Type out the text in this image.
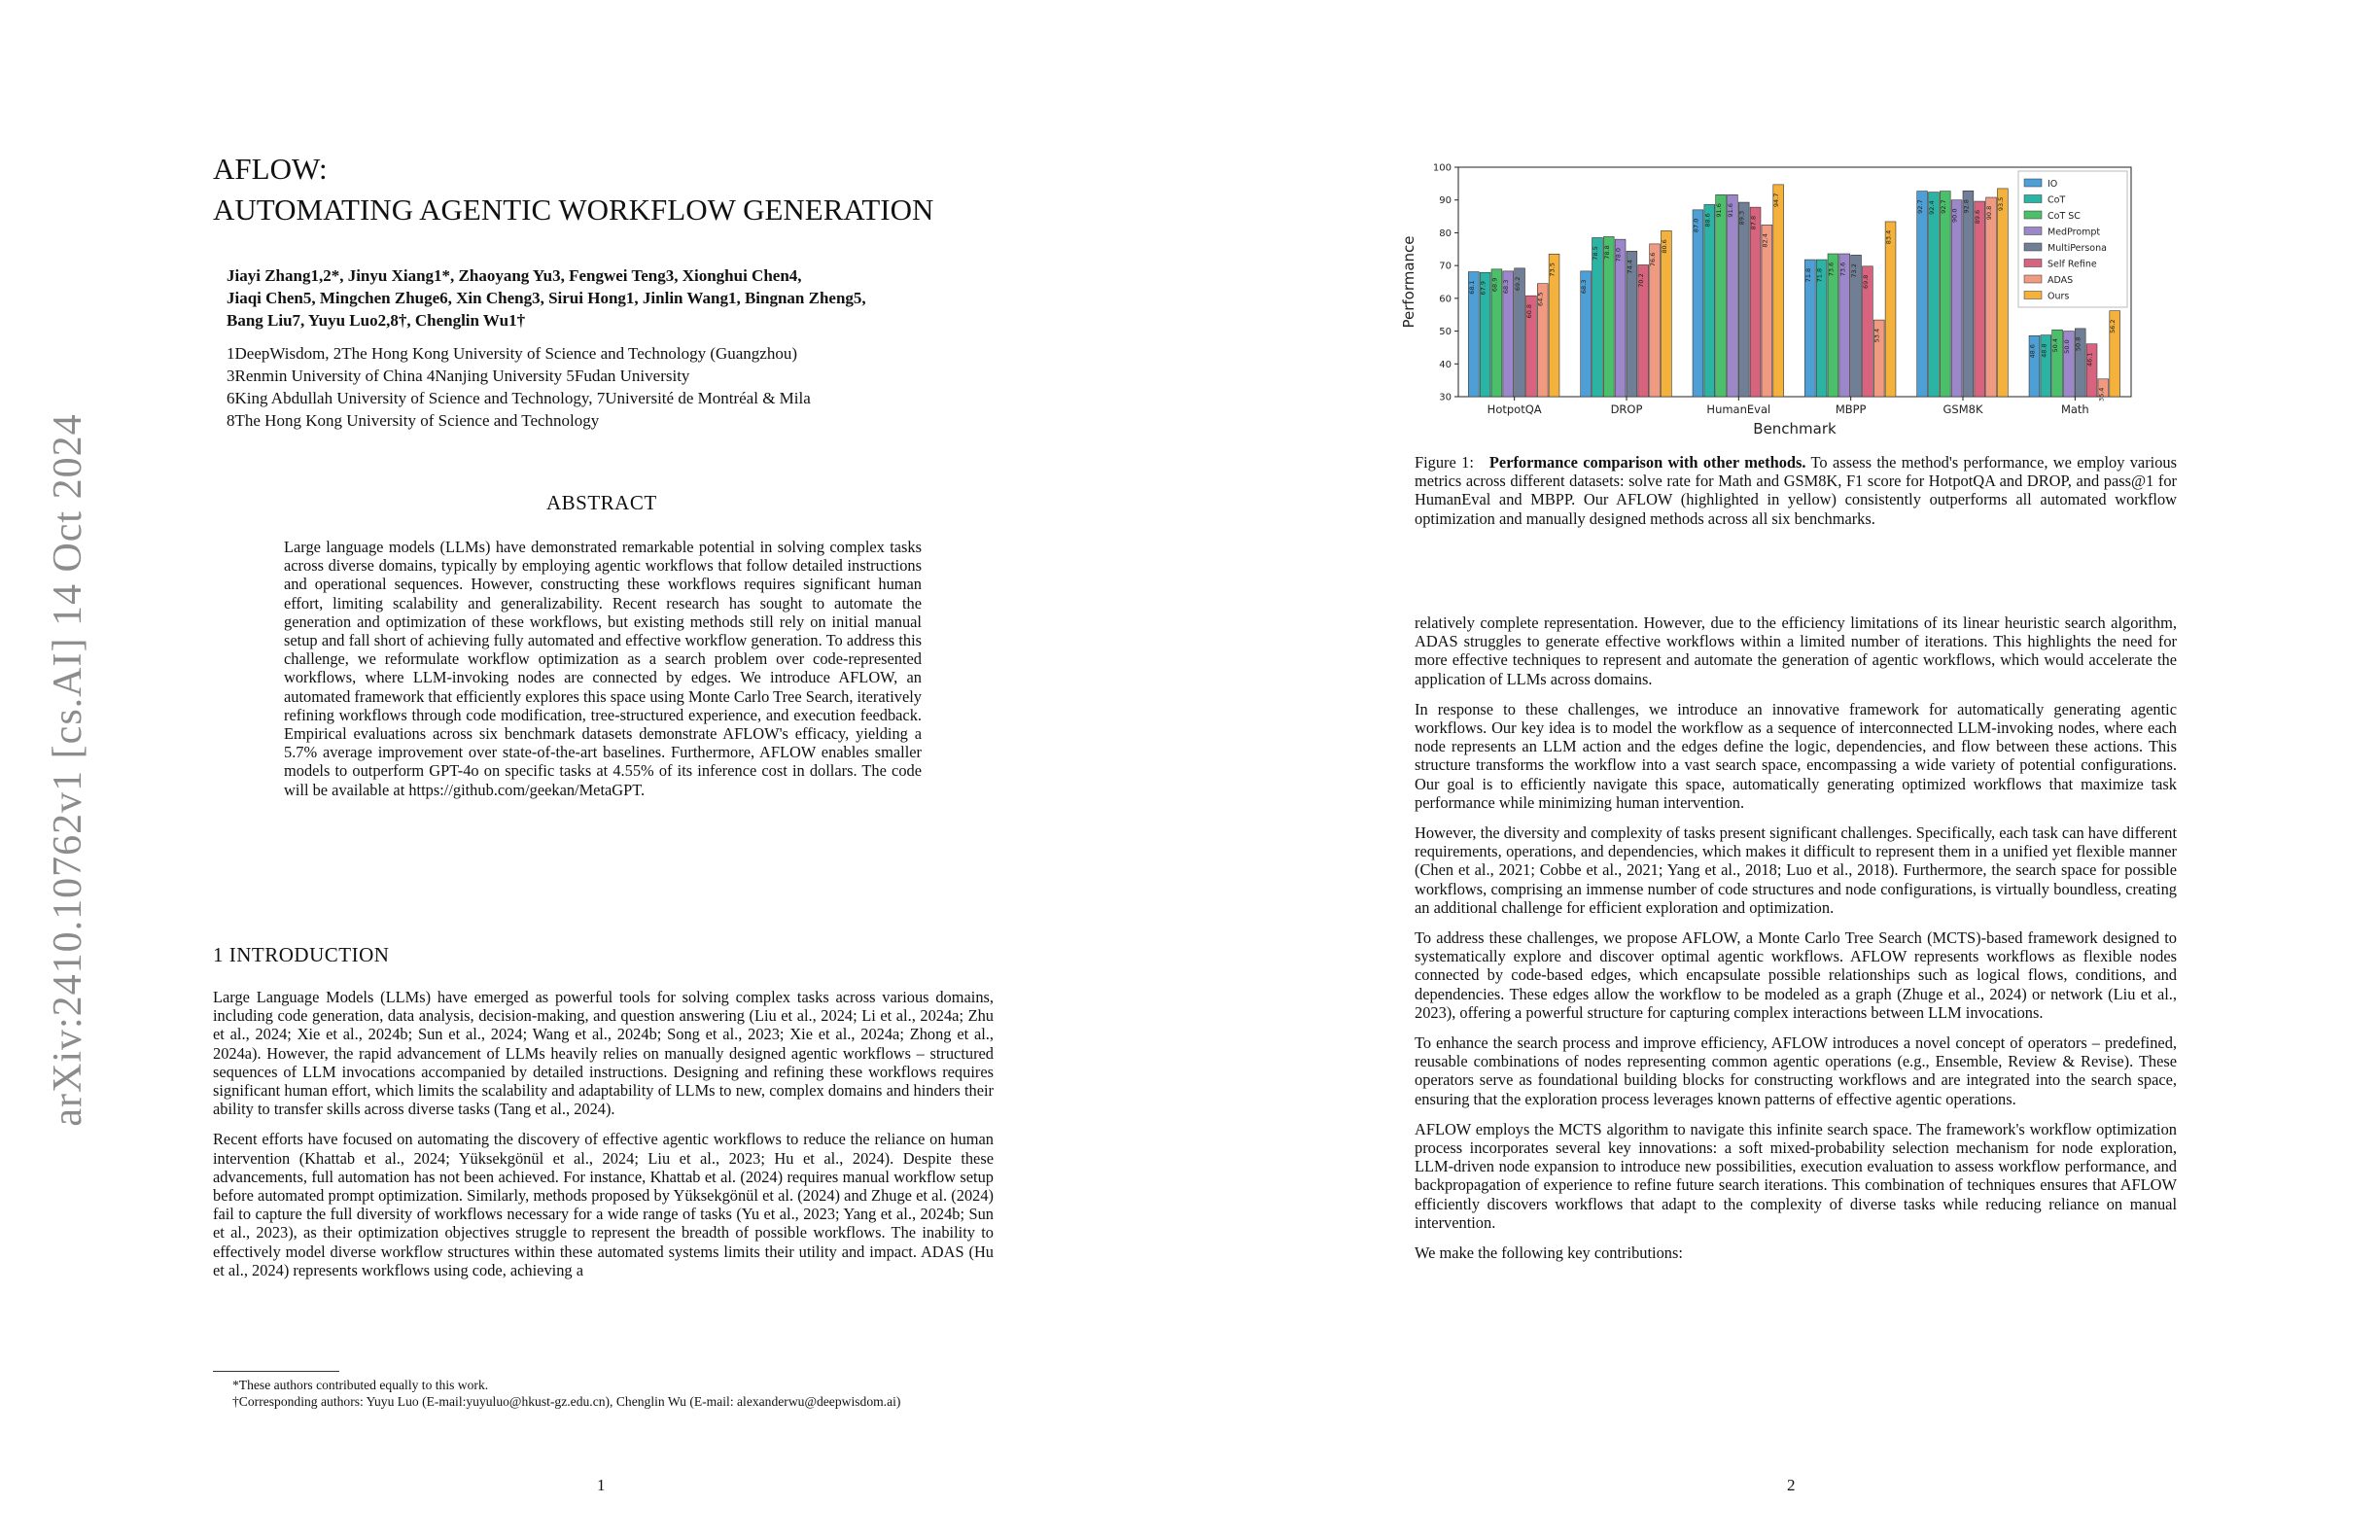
arXiv:2410.10762v1 [cs.AI] 14 Oct 2024
AFLOW:
AUTOMATING AGENTIC WORKFLOW GENERATION
Jiayi Zhang1,2*, Jinyu Xiang1*, Zhaoyang Yu3, Fengwei Teng3, Xionghui Chen4,
Jiaqi Chen5, Mingchen Zhuge6, Xin Cheng3, Sirui Hong1, Jinlin Wang1, Bingnan Zheng5,
Bang Liu7, Yuyu Luo2,8†, Chenglin Wu1†
1DeepWisdom, 2The Hong Kong University of Science and Technology (Guangzhou)
3Renmin University of China 4Nanjing University 5Fudan University
6King Abdullah University of Science and Technology, 7Université de Montréal & Mila
8The Hong Kong University of Science and Technology
ABSTRACT

Large language models (LLMs) have demonstrated remarkable potential in solving complex tasks across diverse domains, typically by employing agentic workflows that follow detailed instructions and operational sequences. However, constructing these workflows requires significant human effort, limiting scalability and generalizability. Recent research has sought to automate the generation and optimization of these workflows, but existing methods still rely on initial manual setup and fall short of achieving fully automated and effective workflow generation. To address this challenge, we reformulate workflow optimization as a search problem over code-represented workflows, where LLM-invoking nodes are connected by edges. We introduce AFLOW, an automated framework that efficiently explores this space using Monte Carlo Tree Search, iteratively refining workflows through code modification, tree-structured experience, and execution feedback. Empirical evaluations across six benchmark datasets demonstrate AFLOW's efficacy, yielding a 5.7% average improvement over state-of-the-art baselines. Furthermore, AFLOW enables smaller models to outperform GPT-4o on specific tasks at 4.55% of its inference cost in dollars. The code will be available at https://github.com/geekan/MetaGPT.

1 INTRODUCTION

Large Language Models (LLMs) have emerged as powerful tools for solving complex tasks across various domains, including code generation, data analysis, decision-making, and question answering (Liu et al., 2024; Li et al., 2024a; Zhu et al., 2024; Xie et al., 2024b; Sun et al., 2024; Wang et al., 2024b; Song et al., 2023; Xie et al., 2024a; Zhong et al., 2024a). However, the rapid advancement of LLMs heavily relies on manually designed agentic workflows – structured sequences of LLM invocations accompanied by detailed instructions. Designing and refining these workflows requires significant human effort, which limits the scalability and adaptability of LLMs to new, complex domains and hinders their ability to transfer skills across diverse tasks (Tang et al., 2024).

Recent efforts have focused on automating the discovery of effective agentic workflows to reduce the reliance on human intervention (Khattab et al., 2024; Yüksekgönül et al., 2024; Liu et al., 2023; Hu et al., 2024). Despite these advancements, full automation has not been achieved. For instance, Khattab et al. (2024) requires manual workflow setup before automated prompt optimization. Similarly, methods proposed by Yüksekgönül et al. (2024) and Zhuge et al. (2024) fail to capture the full diversity of workflows necessary for a wide range of tasks (Yu et al., 2023; Yang et al., 2024b; Sun et al., 2023), as their optimization objectives struggle to represent the breadth of possible workflows. The inability to effectively model diverse workflow structures within these automated systems limits their utility and impact. ADAS (Hu et al., 2024) represents workflows using code, achieving a

*These authors contributed equally to this work.
†Corresponding authors: Yuyu Luo (E-mail:yuyuluo@hkust-gz.edu.cn), Chenglin Wu (E-mail: alexanderwu@deepwisdom.ai)
1
30
40
50
60
70
80
90
100
Performance	68.1 67.9 68.9 68.3 69.2
60.8
64.5
73.5
HotpotQA
68.3
78.5 78.8 78.0
74.4
70.2
76.6
80.6
DROP
87.0 88.6
91.6 91.6
89.3 87.8
82.4
94.7
HumanEval
71.8 71.8 73.6 73.6 73.2
69.8
53.4
83.4
MBPP
92.7 92.4 92.7
90.0
92.8
89.6 90.8
93.5
GSM8K
48.6 48.8 50.4 50.0 50.8
46.1
35.4
56.2
Math
Benchmark
IO
CoT
CoT SC
MedPrompt
MultiPersona
Self Refine
ADAS
Ours

Figure 1: Performance comparison with other methods. To assess the method's performance, we employ various metrics across different datasets: solve rate for Math and GSM8K, F1 score for HotpotQA and DROP, and pass@1 for HumanEval and MBPP. Our AFLOW (highlighted in yellow) consistently outperforms all automated workflow optimization and manually designed methods across all six benchmarks.

relatively complete representation. However, due to the efficiency limitations of its linear heuristic search algorithm, ADAS struggles to generate effective workflows within a limited number of iterations. This highlights the need for more effective techniques to represent and automate the generation of agentic workflows, which would accelerate the application of LLMs across domains.

In response to these challenges, we introduce an innovative framework for automatically generating agentic workflows. Our key idea is to model the workflow as a sequence of interconnected LLM-invoking nodes, where each node represents an LLM action and the edges define the logic, dependencies, and flow between these actions. This structure transforms the workflow into a vast search space, encompassing a wide variety of potential configurations. Our goal is to efficiently navigate this space, automatically generating optimized workflows that maximize task performance while minimizing human intervention.

However, the diversity and complexity of tasks present significant challenges. Specifically, each task can have different requirements, operations, and dependencies, which makes it difficult to represent them in a unified yet flexible manner (Chen et al., 2021; Cobbe et al., 2021; Yang et al., 2018; Luo et al., 2018). Furthermore, the search space for possible workflows, comprising an immense number of code structures and node configurations, is virtually boundless, creating an additional challenge for efficient exploration and optimization.

To address these challenges, we propose AFLOW, a Monte Carlo Tree Search (MCTS)-based framework designed to systematically explore and discover optimal agentic workflows. AFLOW represents workflows as flexible nodes connected by code-based edges, which encapsulate possible relationships such as logical flows, conditions, and dependencies. These edges allow the workflow to be modeled as a graph (Zhuge et al., 2024) or network (Liu et al., 2023), offering a powerful structure for capturing complex interactions between LLM invocations.

To enhance the search process and improve efficiency, AFLOW introduces a novel concept of operators – predefined, reusable combinations of nodes representing common agentic operations (e.g., Ensemble, Review & Revise). These operators serve as foundational building blocks for constructing workflows and are integrated into the search space, ensuring that the exploration process leverages known patterns of effective agentic operations.

AFLOW employs the MCTS algorithm to navigate this infinite search space. The framework's workflow optimization process incorporates several key innovations: a soft mixed-probability selection mechanism for node exploration, LLM-driven node expansion to introduce new possibilities, execution evaluation to assess workflow performance, and backpropagation of experience to refine future search iterations. This combination of techniques ensures that AFLOW efficiently discovers workflows that adapt to the complexity of diverse tasks while reducing reliance on manual intervention.

We make the following key contributions:

2
